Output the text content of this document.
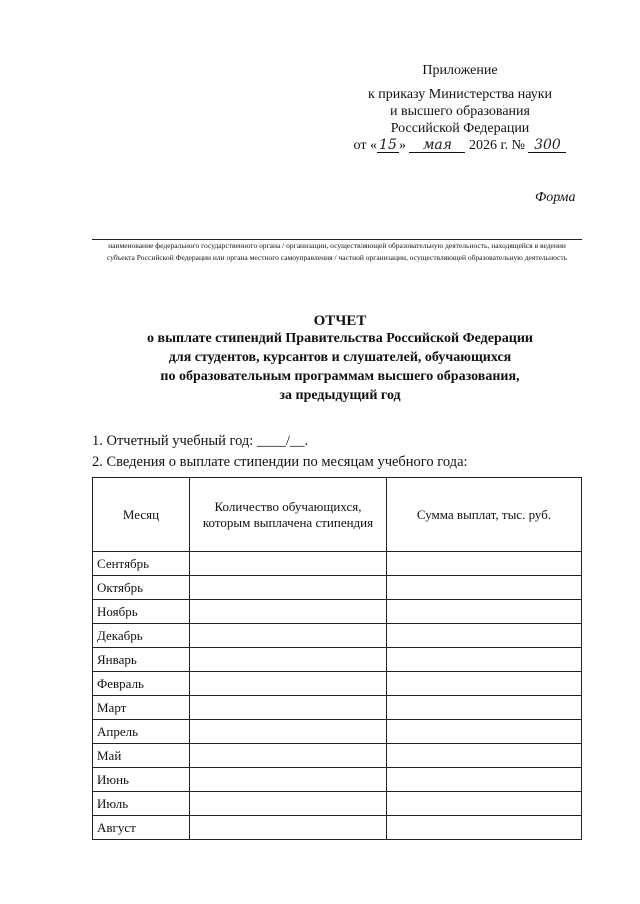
Приложение
к приказу Министерства науки
и высшего образования
Российской Федерации
от « 15 » мая 2026 г. № 300
Форма
наименование федерального государственного органа / организации, осуществляющей образовательную деятельность, находящейся в ведении субъекта Российской Федерации или органа местного самоуправления / частной организации, осуществляющей образовательную деятельность
ОТЧЕТ
о выплате стипендий Правительства Российской Федерации
для студентов, курсантов и слушателей, обучающихся
по образовательным программам высшего образования,
за предыдущий год
1. Отчетный учебный год: ____/__.
2. Сведения о выплате стипендии по месяцам учебного года:
Месяц	Количество обучающихся, которым выплачена стипендия	Сумма выплат, тыс. руб.
Сентябрь		
Октябрь		
Ноябрь		
Декабрь		
Январь		
Февраль		
Март		
Апрель		
Май		
Июнь		
Июль		
Август		
